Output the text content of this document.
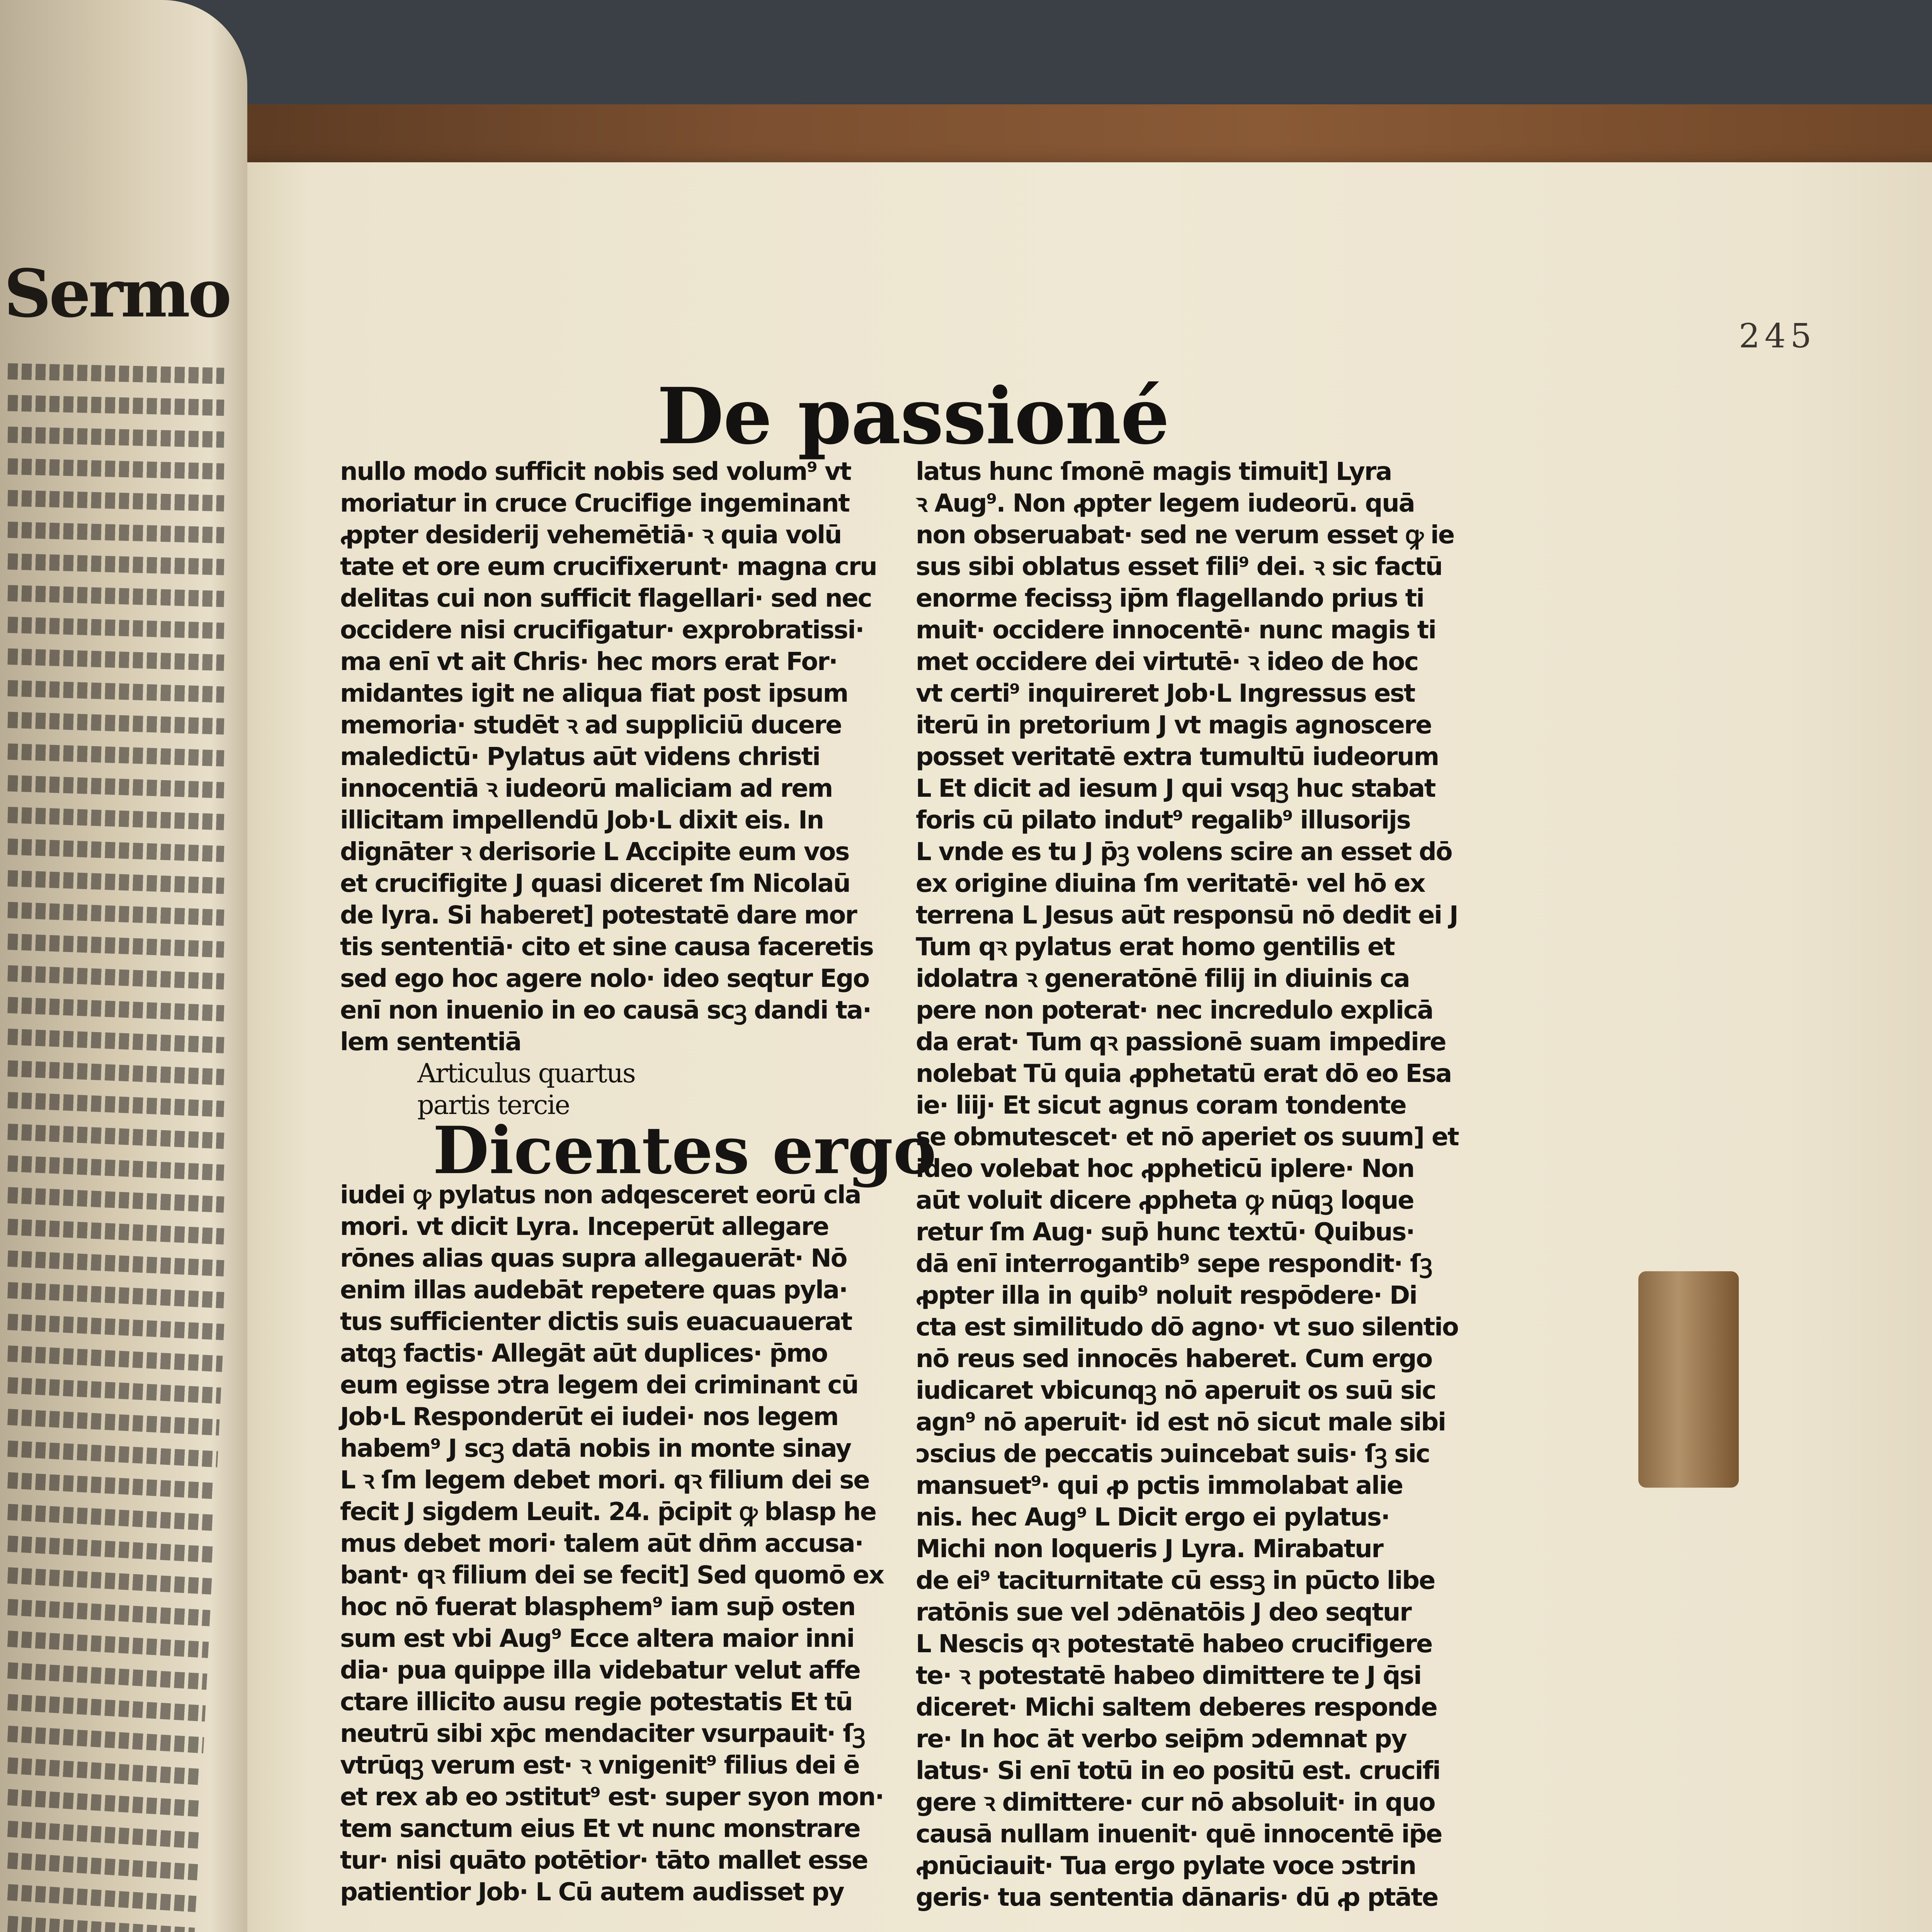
Sermo
245
De passioné
nullo modo sufficit nobis sed volum⁹ vt
moriatur in cruce Crucifige ingeminant
ꝓpter desiderij vehemētiā· ꝛ quia volū
tate et ore eum crucifixerunt· magna cru
delitas cui non sufficit flagellari· sed nec
occidere nisi crucifigatur· exprobratissi·
ma enī vt ait Chris· hec mors erat For·
midantes igit ne aliqua fiat post ipsum
memoria· studēt ꝛ ad suppliciū ducere
maledictū· Pylatus aūt videns christi
innocentiā ꝛ iudeorū maliciam ad rem
illicitam impellendū Job·L dixit eis. In
dignāter ꝛ derisorie L Accipite eum vos
et crucifigite J quasi diceret ſm Nicolaū
de lyra. Si haberet] potestatē dare mor
tis sententiā· cito et sine causa faceretis
sed ego hoc agere nolo· ideo seqtur Ego
enī non inuenio in eo causā scꝫ dandi ta·
lem sententiā
Articulus quartus
partis tercie
Dicentes ergo
iudei ꝙ pylatus non adqesceret eorū cla
mori. vt dicit Lyra. Inceperūt allegare
rōnes alias quas supra allegauerāt· Nō
enim illas audebāt repetere quas pyla·
tus sufficienter dictis suis euacuauerat
atqꝫ factis· Allegāt aūt duplices· p̄mo
eum egisse ɔtra legem dei criminant cū
Job·L Responderūt ei iudei· nos legem
habem⁹ J scꝫ datā nobis in monte sinay
L ꝛ ſm legem debet mori. qꝛ filium dei se
fecit J sigdem Leuit. 24. p̄cipit ꝙ blasp he
mus debet mori· talem aūt dn̄m accusa·
bant· qꝛ filium dei se fecit] Sed quomō ex
hoc nō fuerat blasphem⁹ iam sup̄ osten
sum est vbi Aug⁹ Ecce altera maior inni
dia· pua quippe illa videbatur velut affe
ctare illicito ausu regie potestatis Et tū
neutrū sibi xp̄c mendaciter vsurpauit· ſꝫ
vtrūqꝫ verum est· ꝛ vnigenit⁹ filius dei ē
et rex ab eo ɔstitut⁹ est· super syon mon·
tem sanctum eius Et vt nunc monstrare
tur· nisi quāto potētior· tāto mallet esse
patientior Job· L Cū autem audisset py
latus hunc ſmonē magis timuit] Lyra
ꝛ Aug⁹. Non ꝓpter legem iudeorū. quā
non obseruabat· sed ne verum esset ꝙ ie
sus sibi oblatus esset fili⁹ dei. ꝛ sic factū
enorme fecissꝫ ip̄m flagellando prius ti
muit· occidere innocentē· nunc magis ti
met occidere dei virtutē· ꝛ ideo de hoc
vt certi⁹ inquireret Job·L Ingressus est
iterū in pretorium J vt magis agnoscere
posset veritatē extra tumultū iudeorum
L Et dicit ad iesum J qui vsqꝫ huc stabat
foris cū pilato indut⁹ regalib⁹ illusorijs
L vnde es tu J p̄ꝫ volens scire an esset dō
ex origine diuina ſm veritatē· vel hō ex
terrena L Jesus aūt responsū nō dedit ei J
Tum qꝛ pylatus erat homo gentilis et
idolatra ꝛ generatōnē filij in diuinis ca
pere non poterat· nec incredulo explicā
da erat· Tum qꝛ passionē suam impedire
nolebat Tū quia ꝓphetatū erat dō eo Esa
ie· liij· Et sicut agnus coram tondente
se obmutescet· et nō aperiet os suum] et
ideo volebat hoc ꝓpheticū iplere· Non
aūt voluit dicere ꝓpheta ꝙ nūqꝫ loque
retur ſm Aug· sup̄ hunc textū· Quibus·
dā enī interrogantib⁹ sepe respondit· ſꝫ
ꝓpter illa in quib⁹ noluit respōdere· Di
cta est similitudo dō agno· vt suo silentio
nō reus sed innocēs haberet. Cum ergo
iudicaret vbicunqꝫ nō aperuit os suū sic
agn⁹ nō aperuit· id est nō sicut male sibi
ɔscius de peccatis ɔuincebat suis· ſꝫ sic
mansuet⁹· qui ꝓ pctis immolabat alie
nis. hec Aug⁹ L Dicit ergo ei pylatus·
Michi non loqueris J Lyra. Mirabatur
de ei⁹ taciturnitate cū essꝫ in pūcto libe
ratōnis sue vel ɔdēnatōis J deo seqtur
L Nescis qꝛ potestatē habeo crucifigere
te· ꝛ potestatē habeo dimittere te J q̄si
diceret· Michi saltem deberes responde
re· In hoc āt verbo seip̄m ɔdemnat py
latus· Si enī totū in eo positū est. crucifi
gere ꝛ dimittere· cur nō absoluit· in quo
causā nullam inuenit· quē innocentē ip̄e
ꝓnūciauit· Tua ergo pylate voce ɔstrin
geris· tua sententia dānaris· dū ꝓ ptāte
